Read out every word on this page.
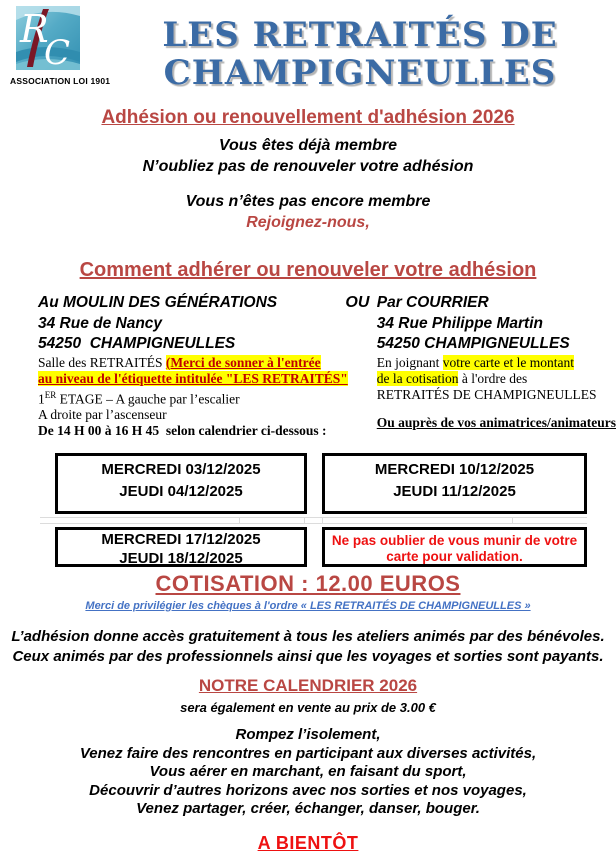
R
C
ASSOCIATION LOI 1901
LES RETRAITÉS DE
CHAMPIGNEULLES
Adhésion ou renouvellement d'adhésion 2026
Vous êtes déjà membre
N’oubliez pas de renouveler votre adhésion
Vous n’êtes pas encore membre
Rejoignez-nous,
Comment adhérer ou renouveler votre adhésion
Au MOULIN DES GÉNÉRATIONS
34 Rue de Nancy
54250  CHAMPIGNEULLES
Salle des RETRAITÉS (Merci de sonner à l'entrée
au niveau de l'étiquette intitulée "LES RETRAITÉS"
1ER ETAGE – A gauche par l’escalier
A droite par l’ascenseur
De 14 H 00 à 16 H 45  selon calendrier ci-dessous :
OU Par COURRIER
34 Rue Philippe Martin
54250 CHAMPIGNEULLES
En joignant votre carte et le montant
de la cotisation à l'ordre des
RETRAITÉS DE CHAMPIGNEULLES
Ou auprès de vos animatrices/animateurs
MERCREDI 03/12/2025
JEUDI 04/12/2025
MERCREDI 10/12/2025
JEUDI 11/12/2025
MERCREDI 17/12/2025
JEUDI 18/12/2025
Ne pas oublier de vous munir de votre
carte pour validation.
COTISATION : 12.00 EUROS
Merci de privilégier les chèques à l'ordre « LES RETRAITÉS DE CHAMPIGNEULLES »
L’adhésion donne accès gratuitement à tous les ateliers animés par des bénévoles.
Ceux animés par des professionnels ainsi que les voyages et sorties sont payants.
NOTRE CALENDRIER 2026
sera également en vente au prix de 3.00 €
Rompez l’isolement,
Venez faire des rencontres en participant aux diverses activités,
Vous aérer en marchant, en faisant du sport,
Découvrir d’autres horizons avec nos sorties et nos voyages,
Venez partager, créer, échanger, danser, bouger.
A BIENTÔT
